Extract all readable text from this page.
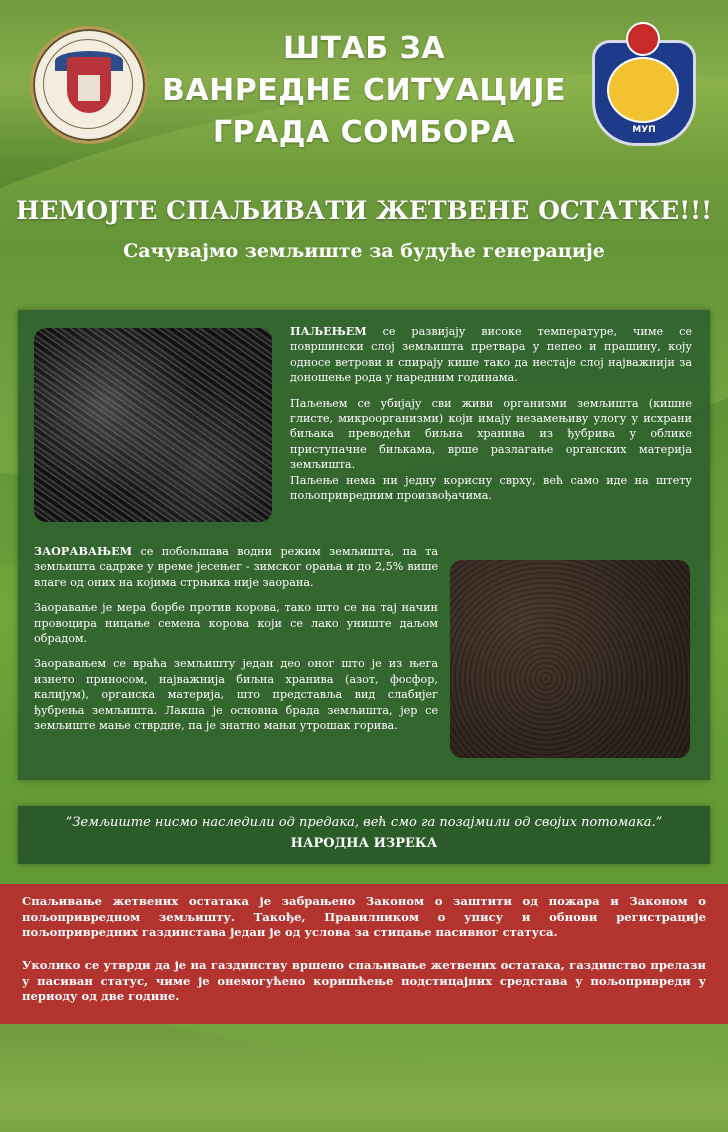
ШТАБ ЗА
ВАНРЕДНЕ СИТУАЦИЈЕ
ГРАДА СОМБОРА	МУП
НЕМОЈТЕ СПАЉИВАТИ ЖЕТВЕНЕ ОСТАТКЕ!!!
Сачувајмо земљиште за будуће генерације

ПАЉЕЊЕМ се развијају високе температуре, чиме се површински слој земљишта претвара у пепео и прашину, коју односе ветрови и спирају кише тако да нестаје слој најважнији за доношење рода у наредним годинама.

Паљењем се убијају сви живи организми земљишта (кишне глисте, микроорганизми) који имају незамењиву улогу у исхрани биљака преводећи биљна хранива из ђубрива у облике приступачне биљкама, врше разлагање органских материја земљишта.

Паљење нема ни једну корисну сврху, већ само иде на штету пољопривредним произвођачима.

ЗАОРАВАЊЕМ се побољшава водни режим земљишта, па та земљишта садрже у време јесењег - зимског орања и до 2,5% више влаге од оних на којима стрњика није заорана.

Заоравање је мера борбе против корова, тако што се на тај начин провоцира ницање семена корова који се лако униште даљом обрадом.

Заоравањем се враћа земљишту један део оног што је из њега изнето приносом, најважнија биљна хранива (азот, фосфор, калијум), органска материја, што представља вид слабијег ђубрења земљишта. Лакша је основна брада земљишта, јер се земљиште мање стврдне, па је знатно мањи утрошак горива.

”Земљиште нисмо наследили од предака, већ смо га позајмили од својих потомака.”
НАРОДНА ИЗРЕКА
Спаљивање жетвених остатака је забрањено Законом о заштити од пожара и Законом о пољопривредном земљишту. Такође, Правилником о упису и обнови регистрације пољопривредних газдинстава један је од услова за стицање пасивног статуса.
Уколико се утврди да је на газдинству вршено спаљивање жетвених остатака, газдинство прелази у пасиван статус, чиме је онемогућено коришћење подстицајних средстава у пољопривреди у периоду од две године.
